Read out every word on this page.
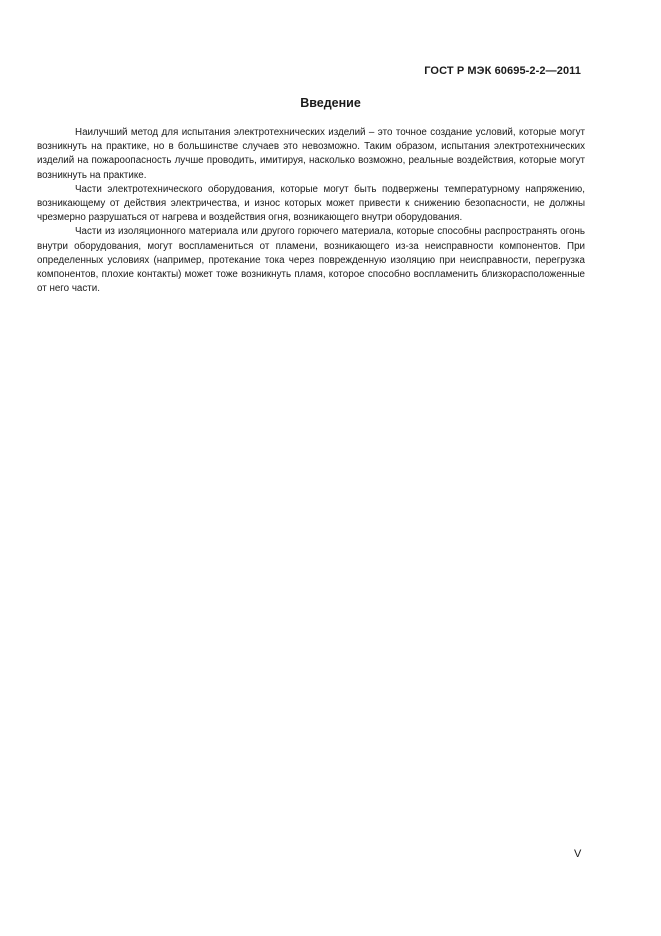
ГОСТ Р МЭК 60695-2-2—2011
Введение

Наилучший метод для испытания электротехнических изделий – это точное создание условий, которые могут возникнуть на практике, но в большинстве случаев это невозможно. Таким образом, испытания электротехнических изделий на пожароопасность лучше проводить, имитируя, насколько возможно, реальные воздействия, которые могут возникнуть на практике.

Части электротехнического оборудования, которые могут быть подвержены температурному напряжению, возникающему от действия электричества, и износ которых может привести к снижению безопасности, не должны чрезмерно разрушаться от нагрева и воздействия огня, возникающего внутри оборудования.

Части из изоляционного материала или другого горючего материала, которые способны распространять огонь внутри оборудования, могут воспламениться от пламени, возникающего из-за неисправности компонентов. При определенных условиях (например, протекание тока через поврежденную изоляцию при неисправности, перегрузка компонентов, плохие контакты) может тоже возникнуть пламя, которое способно воспламенить близкорасположенные от него части.

V
